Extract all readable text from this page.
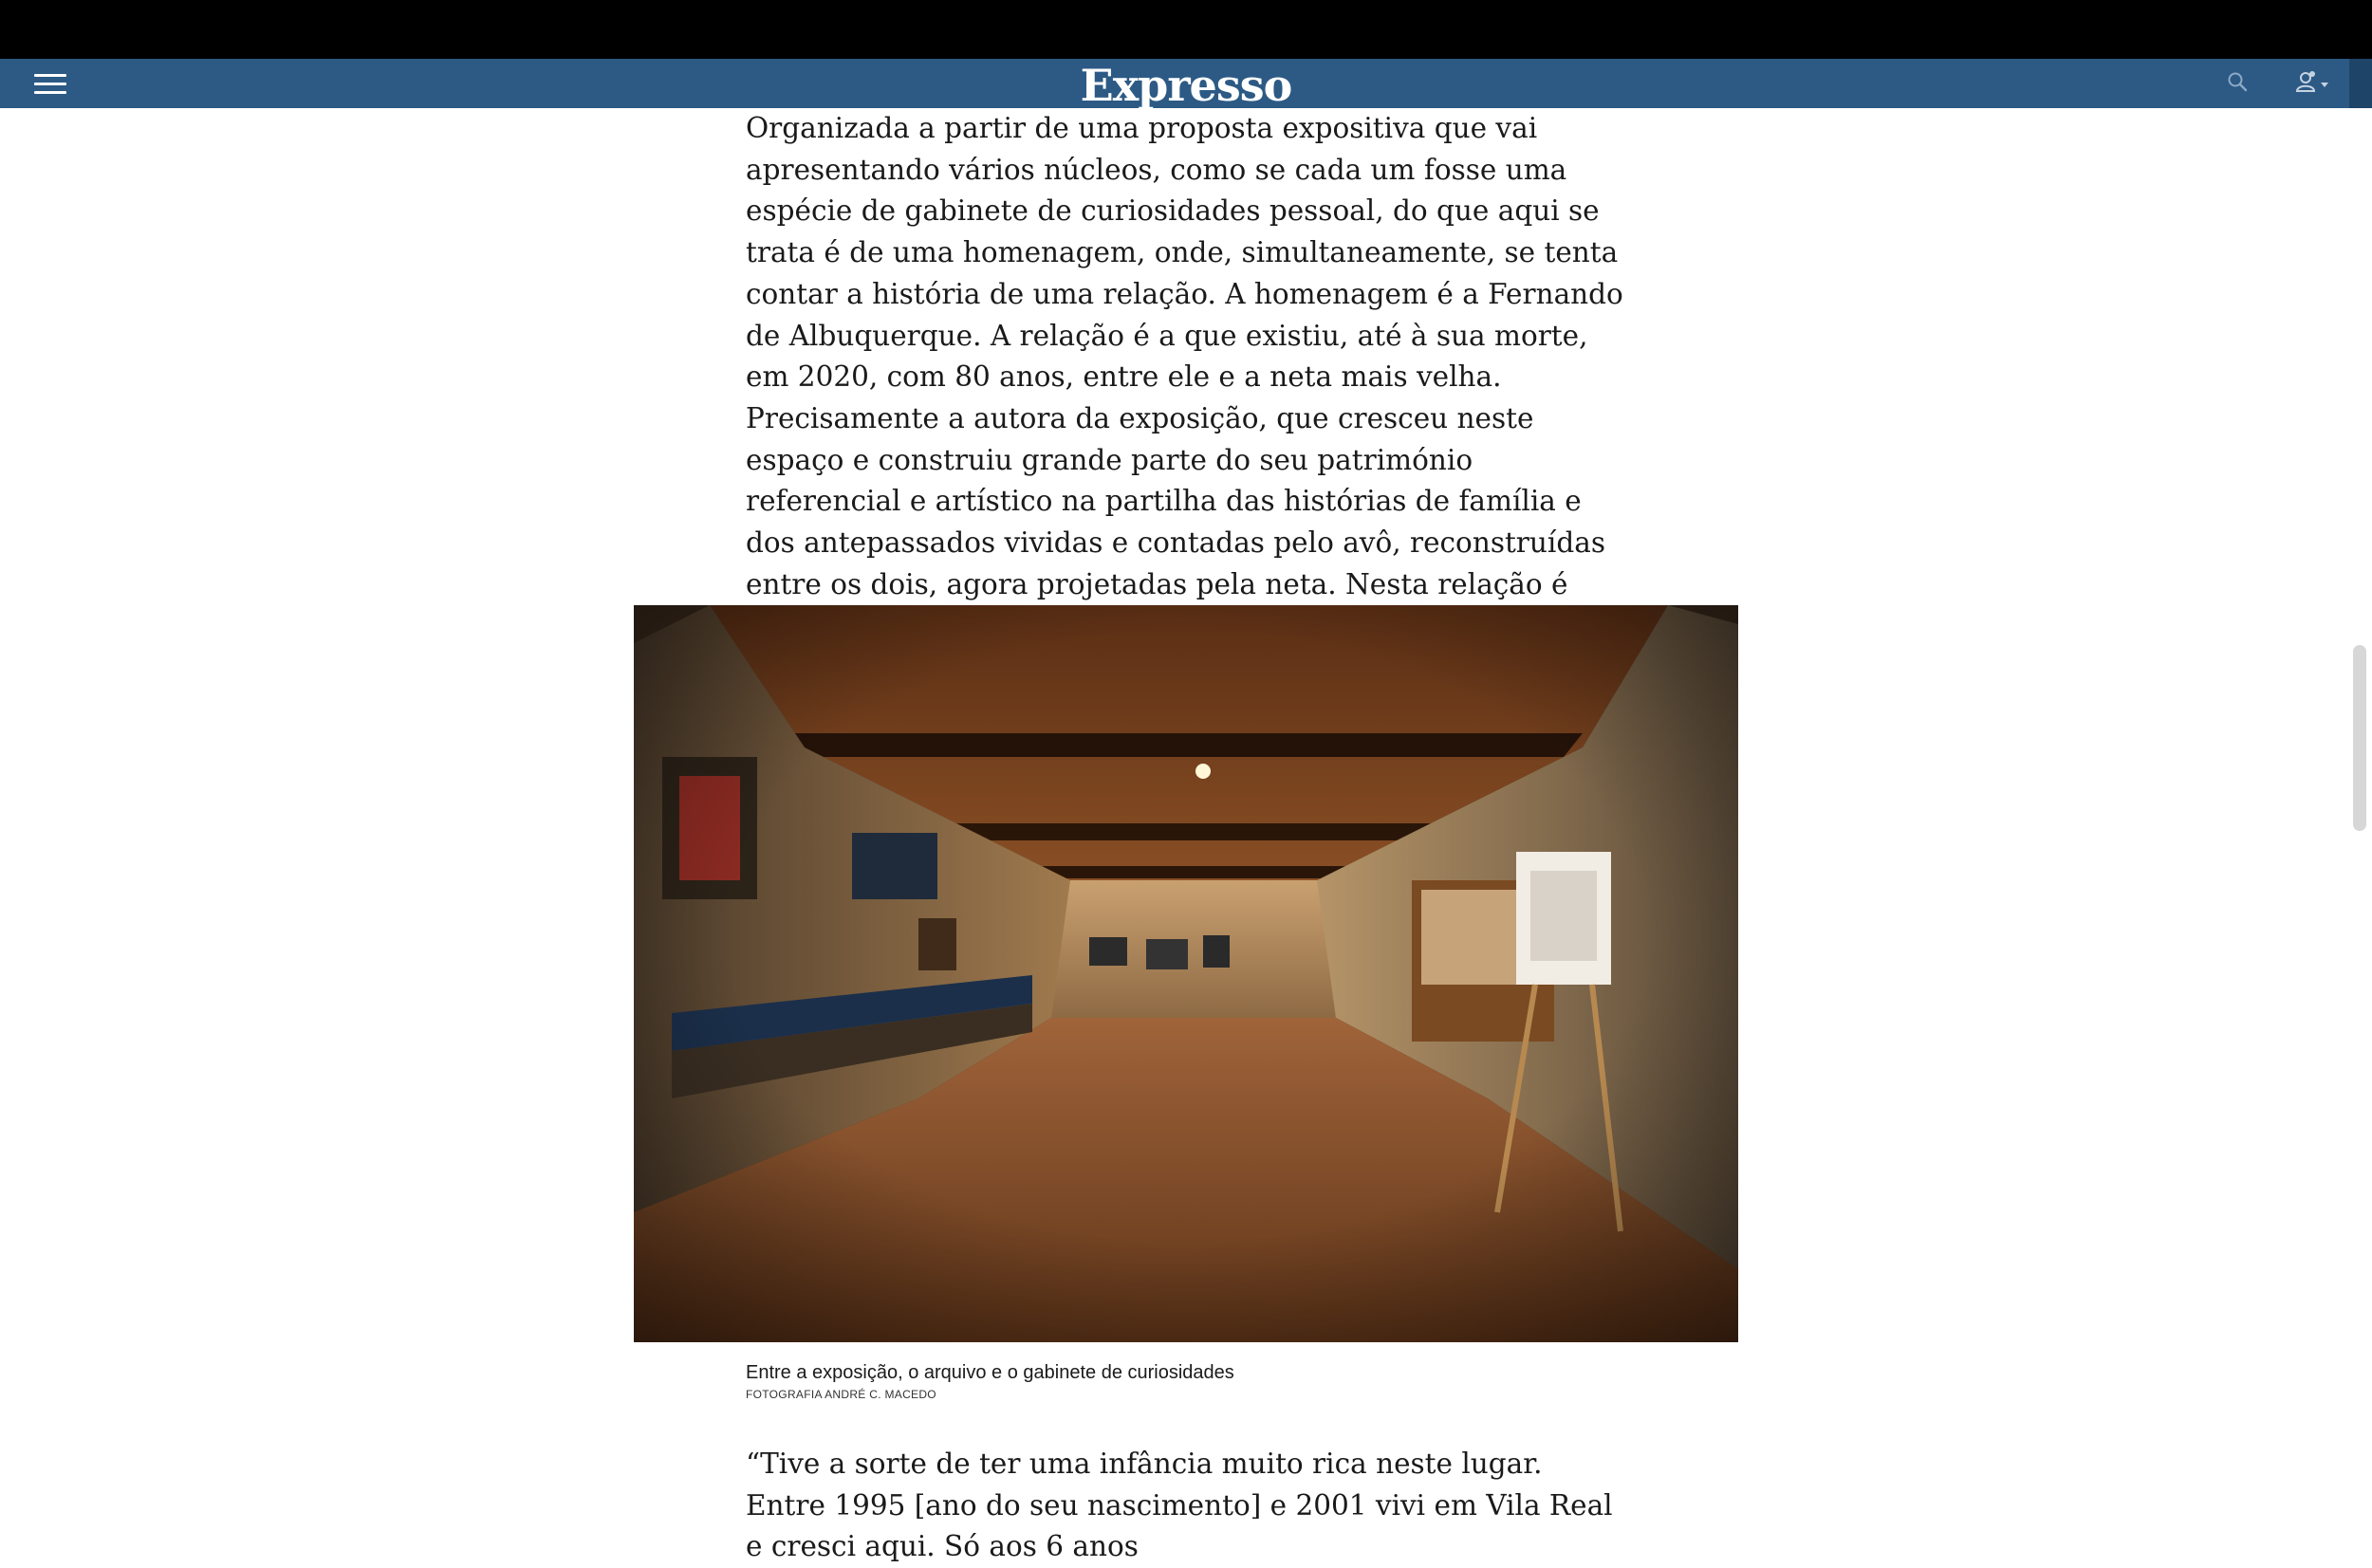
Expresso

Organizada a partir de uma proposta expositiva que vai apresentando vários núcleos, como se cada um fosse uma espécie de gabinete de curiosidades pessoal, do que aqui se trata é de uma homenagem, onde, simultaneamente, se tenta contar a história de uma relação. A homenagem é a Fernando de Albuquerque. A relação é a que existiu, até à sua morte, em 2020, com 80 anos, entre ele e a neta mais velha. Precisamente a autora da exposição, que cresceu neste espaço e construiu grande parte do seu património referencial e artístico na partilha das histórias de família e dos antepassados vividas e contadas pelo avô, reconstruídas entre os dois, agora projetadas pela neta. Nesta relação é

Entre a exposição, o arquivo e o gabinete de curiosidades
FOTOGRAFIA ANDRÉ C. MACEDO

“Tive a sorte de ter uma infância muito rica neste lugar. Entre 1995 [ano do seu nascimento] e 2001 vivi em Vila Real e cresci aqui. Só aos 6 anos
